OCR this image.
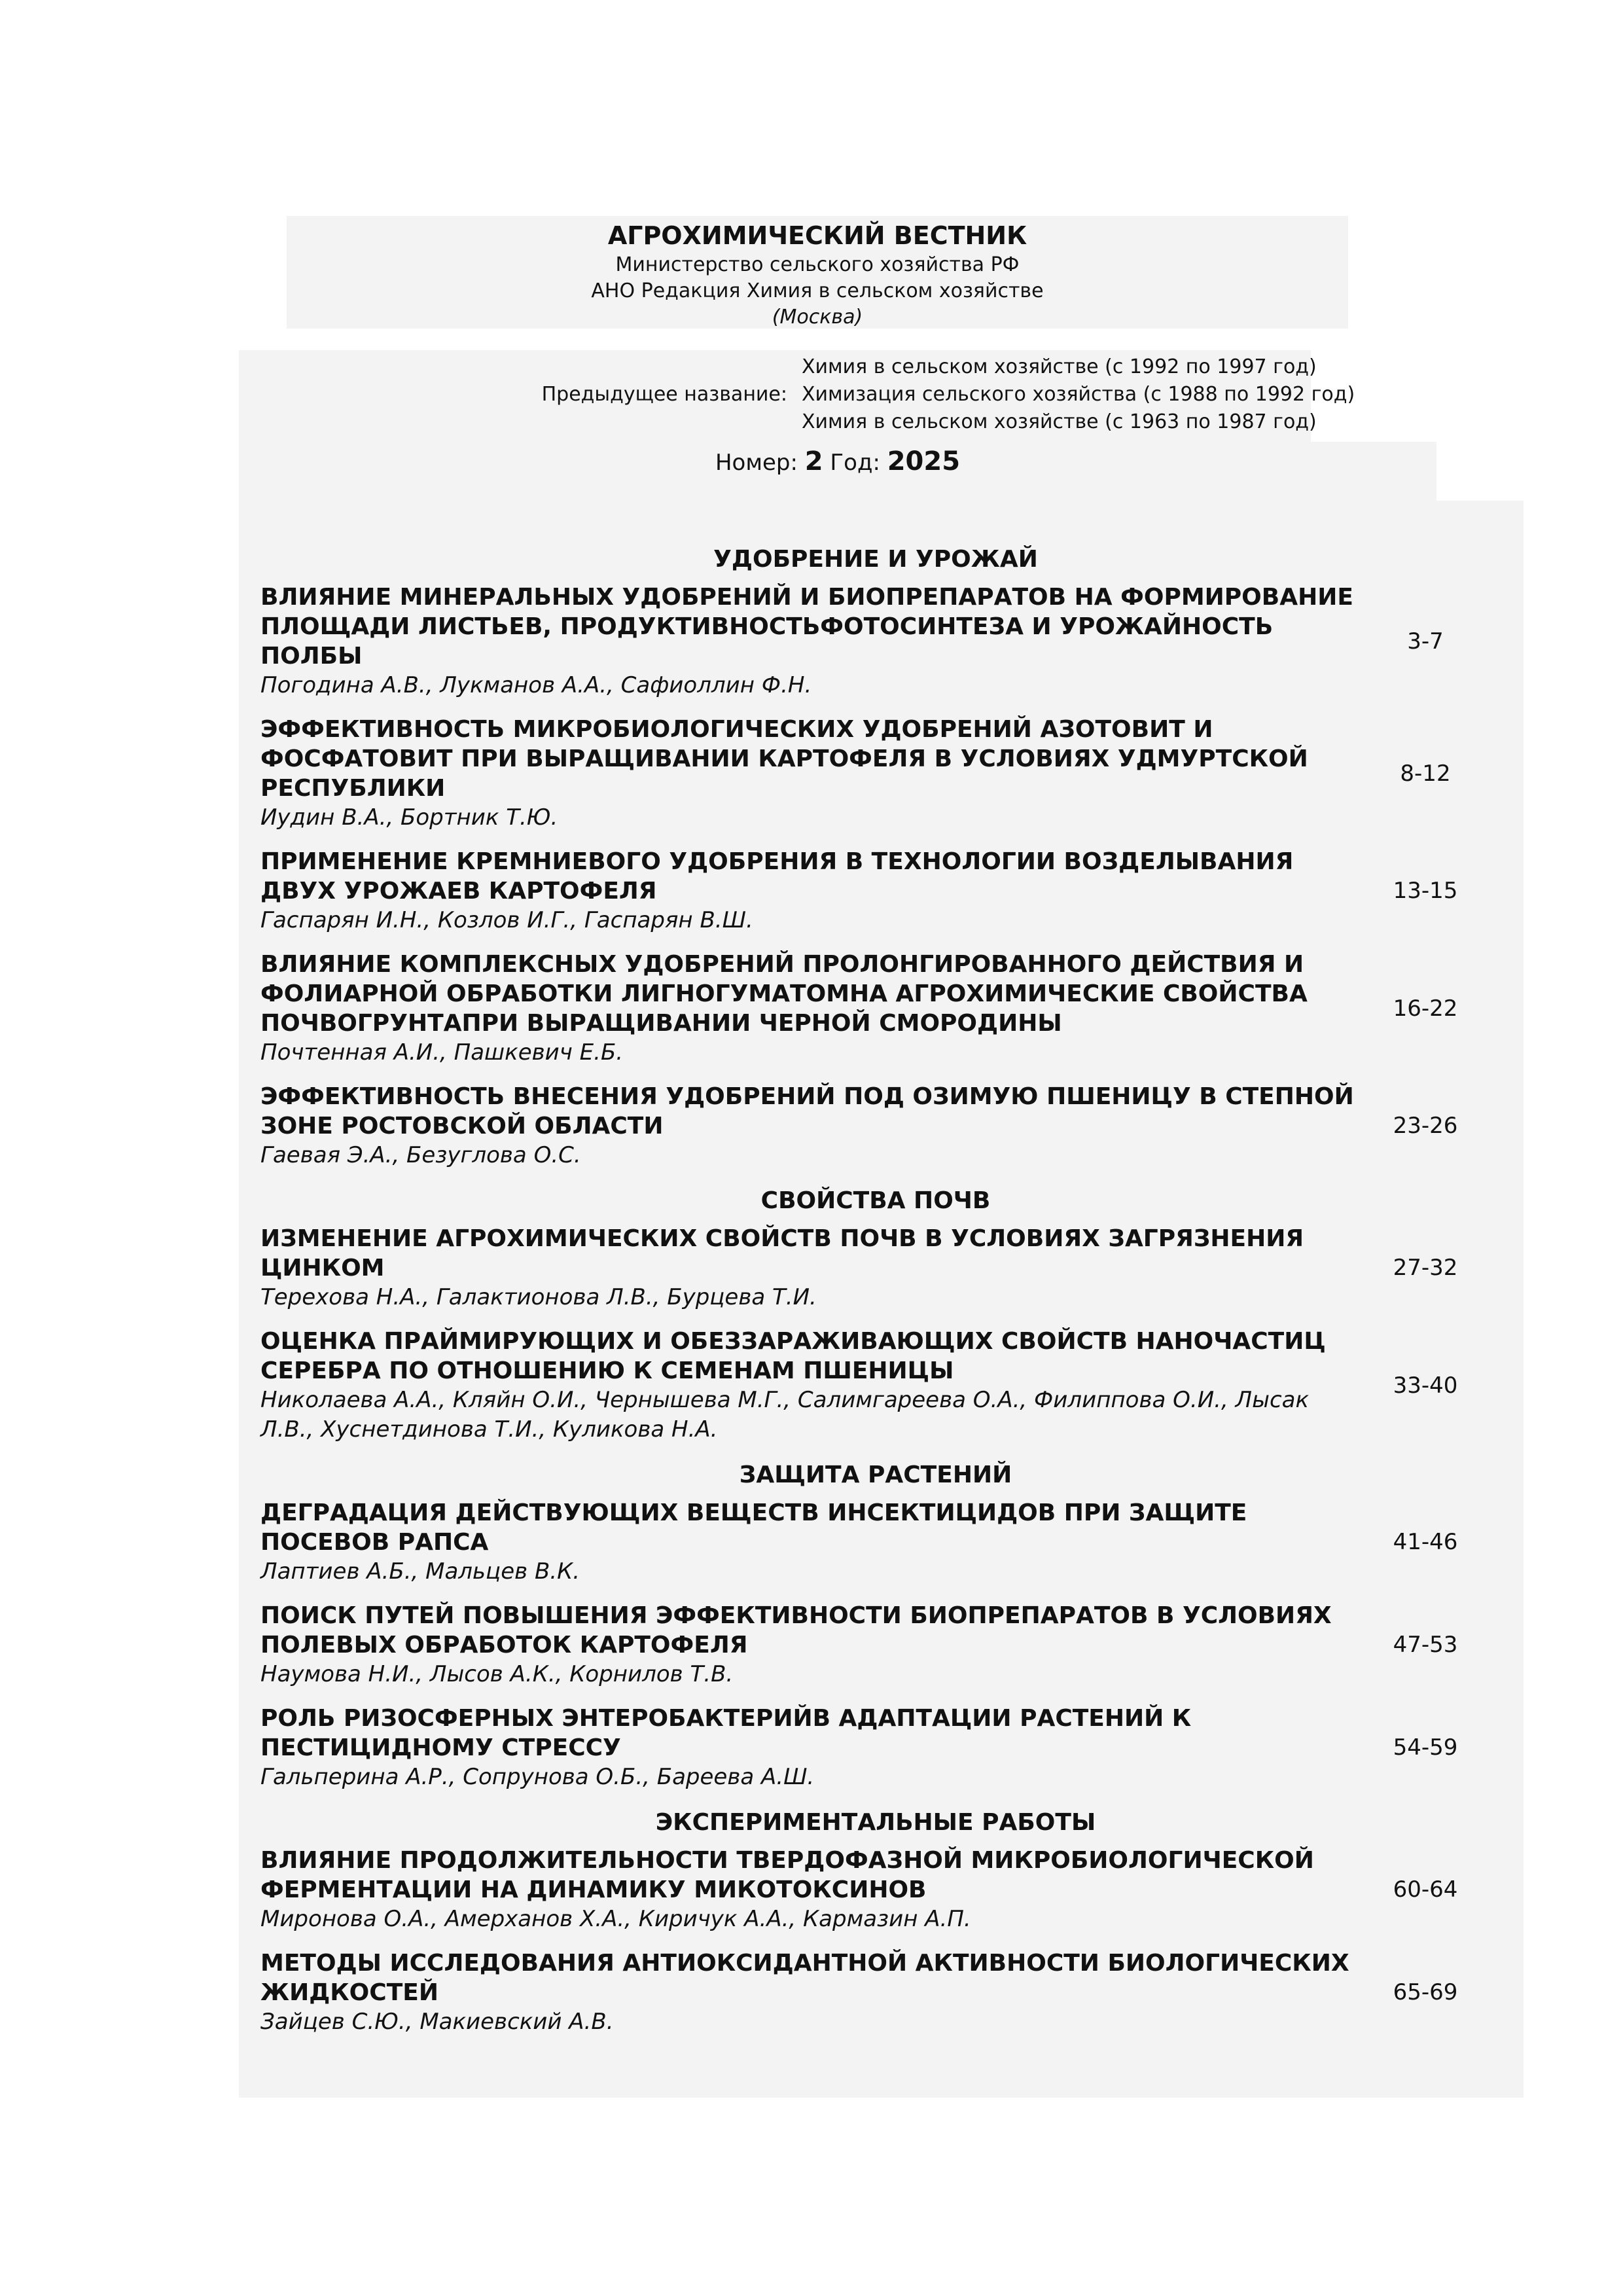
АГРОХИМИЧЕСКИЙ ВЕСТНИК
Министерство сельского хозяйства РФ
АНО Редакция Химия в сельском хозяйстве
(Москва)
Предыдущее название:
Химия в сельском хозяйстве (с 1992 по 1997 год)
Химизация сельского хозяйства (с 1988 по 1992 год)
Химия в сельском хозяйстве (с 1963 по 1987 год)
Номер: 2 Год: 2025
УДОБРЕНИЕ И УРОЖАЙ
ВЛИЯНИЕ МИНЕРАЛЬНЫХ УДОБРЕНИЙ И БИОПРЕПАРАТОВ НА ФОРМИРОВАНИЕ ПЛОЩАДИ ЛИСТЬЕВ, ПРОДУКТИВНОСТЬФОТОСИНТЕЗА И УРОЖАЙНОСТЬ ПОЛБЫ
Погодина А.В., Лукманов А.А., Сафиоллин Ф.Н.
3-7
ЭФФЕКТИВНОСТЬ МИКРОБИОЛОГИЧЕСКИХ УДОБРЕНИЙ АЗОТОВИТ И ФОСФАТОВИТ ПРИ ВЫРАЩИВАНИИ КАРТОФЕЛЯ В УСЛОВИЯХ УДМУРТСКОЙ РЕСПУБЛИКИ
Иудин В.А., Бортник Т.Ю.
8-12
ПРИМЕНЕНИЕ КРЕМНИЕВОГО УДОБРЕНИЯ В ТЕХНОЛОГИИ ВОЗДЕЛЫВАНИЯ ДВУХ УРОЖАЕВ КАРТОФЕЛЯ
Гаспарян И.Н., Козлов И.Г., Гаспарян В.Ш.
13-15
ВЛИЯНИЕ КОМПЛЕКСНЫХ УДОБРЕНИЙ ПРОЛОНГИРОВАННОГО ДЕЙСТВИЯ И ФОЛИАРНОЙ ОБРАБОТКИ ЛИГНОГУМАТОМНА АГРОХИМИЧЕСКИЕ СВОЙСТВА ПОЧВОГРУНТАПРИ ВЫРАЩИВАНИИ ЧЕРНОЙ СМОРОДИНЫ
Почтенная А.И., Пашкевич Е.Б.
16-22
ЭФФЕКТИВНОСТЬ ВНЕСЕНИЯ УДОБРЕНИЙ ПОД ОЗИМУЮ ПШЕНИЦУ В СТЕПНОЙ ЗОНЕ РОСТОВСКОЙ ОБЛАСТИ
Гаевая Э.А., Безуглова О.С.
23-26
СВОЙСТВА ПОЧВ
ИЗМЕНЕНИЕ АГРОХИМИЧЕСКИХ СВОЙСТВ ПОЧВ В УСЛОВИЯХ ЗАГРЯЗНЕНИЯ ЦИНКОМ
Терехова Н.А., Галактионова Л.В., Бурцева Т.И.
27-32
ОЦЕНКА ПРАЙМИРУЮЩИХ И ОБЕЗЗАРАЖИВАЮЩИХ СВОЙСТВ НАНОЧАСТИЦ СЕРЕБРА ПО ОТНОШЕНИЮ К СЕМЕНАМ ПШЕНИЦЫ
Николаева А.А., Кляйн О.И., Чернышева М.Г., Салимгареева О.А., Филиппова О.И., Лысак Л.В., Хуснетдинова Т.И., Куликова Н.А.
33-40
ЗАЩИТА РАСТЕНИЙ
ДЕГРАДАЦИЯ ДЕЙСТВУЮЩИХ ВЕЩЕСТВ ИНСЕКТИЦИДОВ ПРИ ЗАЩИТЕ ПОСЕВОВ РАПСА
Лаптиев А.Б., Мальцев В.К.
41-46
ПОИСК ПУТЕЙ ПОВЫШЕНИЯ ЭФФЕКТИВНОСТИ БИОПРЕПАРАТОВ В УСЛОВИЯХ ПОЛЕВЫХ ОБРАБОТОК КАРТОФЕЛЯ
Наумова Н.И., Лысов А.К., Корнилов Т.В.
47-53
РОЛЬ РИЗОСФЕРНЫХ ЭНТЕРОБАКТЕРИЙВ АДАПТАЦИИ РАСТЕНИЙ К ПЕСТИЦИДНОМУ СТРЕССУ
Гальперина А.Р., Сопрунова О.Б., Бареева А.Ш.
54-59
ЭКСПЕРИМЕНТАЛЬНЫЕ РАБОТЫ
ВЛИЯНИЕ ПРОДОЛЖИТЕЛЬНОСТИ ТВЕРДОФАЗНОЙ МИКРОБИОЛОГИЧЕСКОЙ ФЕРМЕНТАЦИИ НА ДИНАМИКУ МИКОТОКСИНОВ
Миронова О.А., Амерханов Х.А., Киричук А.А., Кармазин А.П.
60-64
МЕТОДЫ ИССЛЕДОВАНИЯ АНТИОКСИДАНТНОЙ АКТИВНОСТИ БИОЛОГИЧЕСКИХ ЖИДКОСТЕЙ
Зайцев С.Ю., Макиевский А.В.
65-69
